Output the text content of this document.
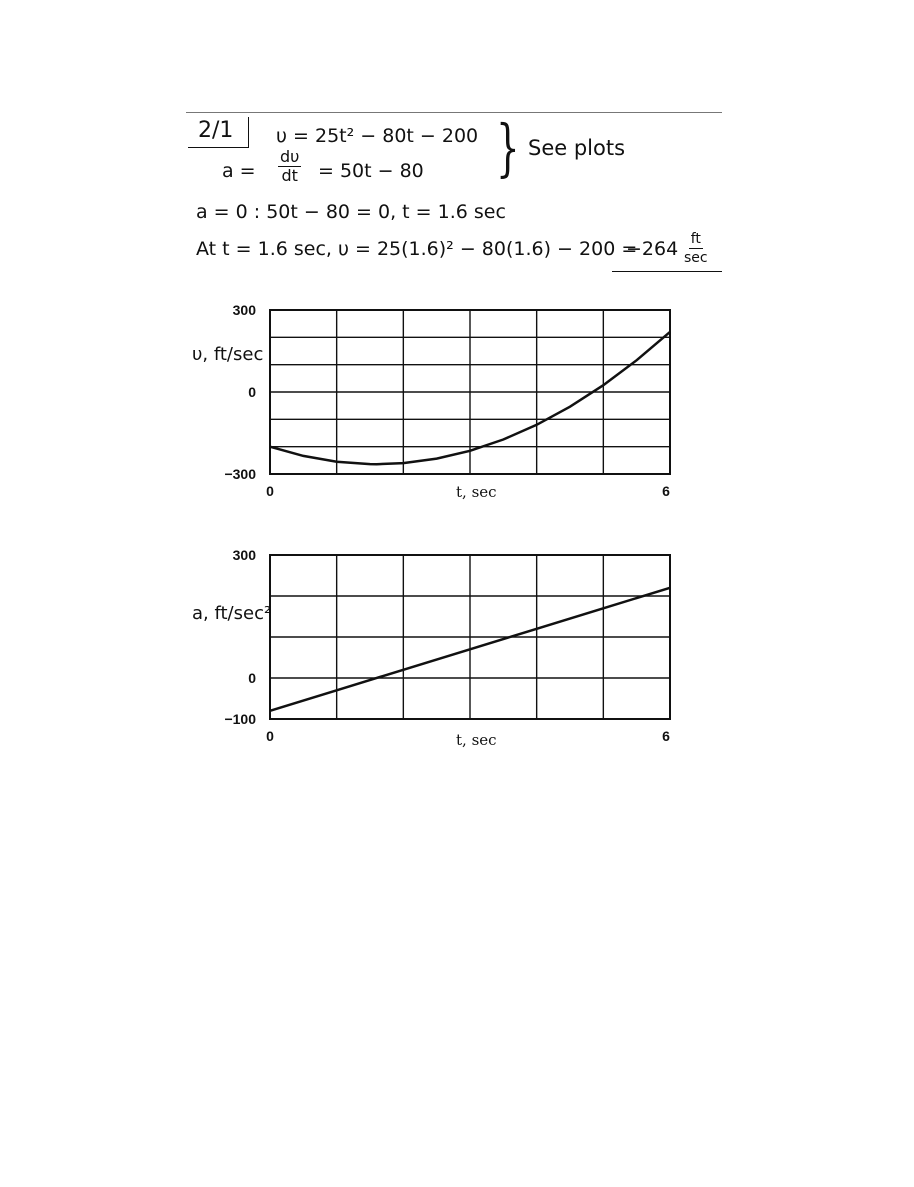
2/1 υ = 25t² − 80t − 200
$a = \frac{d\upsilon}{dt} = 50t - 80$ } See plots
a = 0 : 50t − 80 = 0, t = 1.6 sec
At t = 1.6 sec, υ = 25(1.6)² − 80(1.6) − 200 =
−264 ft
sec
300
0
−300
0	6
t, sec
υ, ft/sec
300
0
−100
0	6
t, sec
a, ft/sec²
